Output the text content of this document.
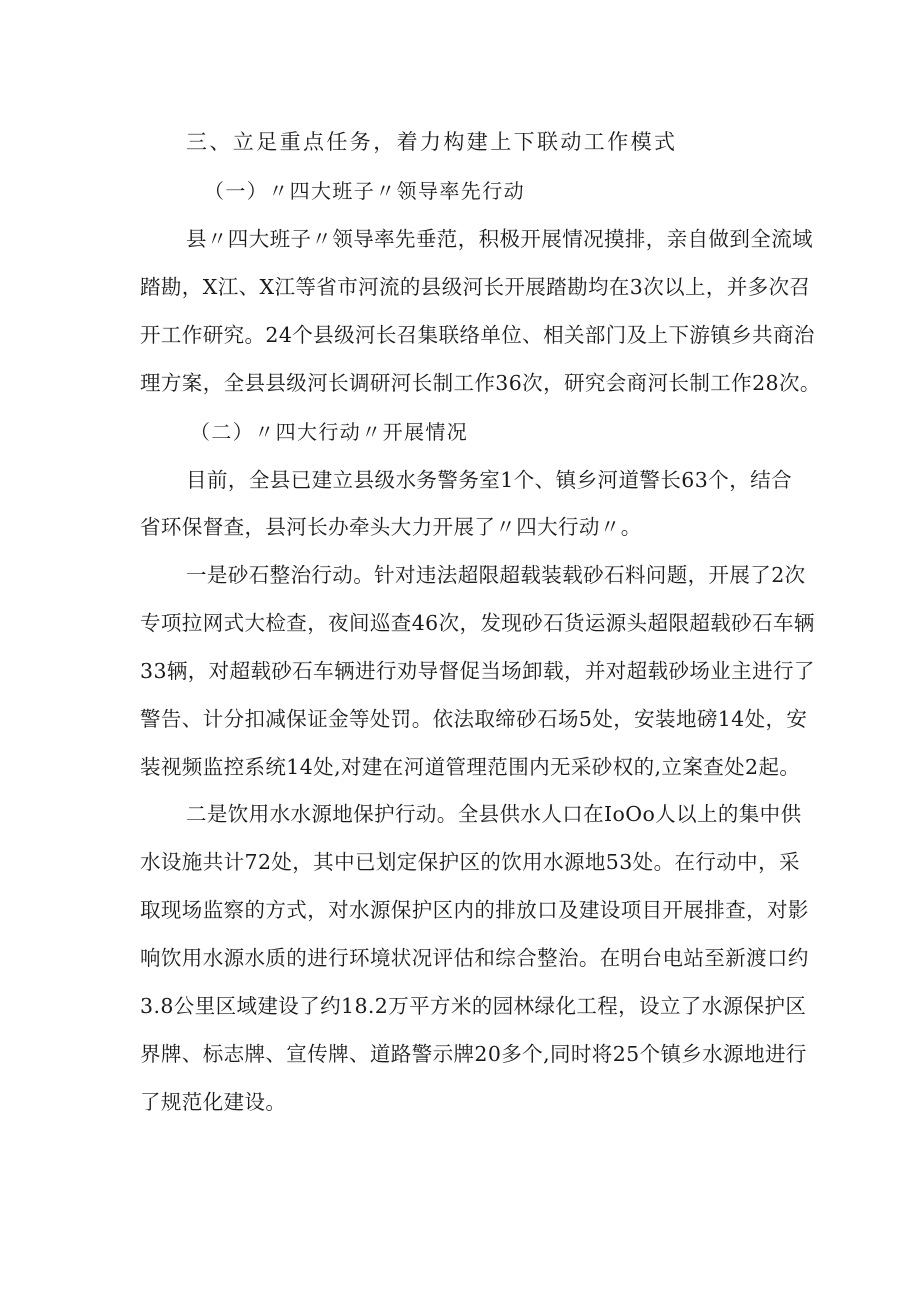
三、立足重点任务，着力构建上下联动工作模式

（一）〃四大班子〃领导率先行动

县〃四大班子〃领导率先垂范，积极开展情况摸排，亲自做到全流域

踏勘，X江、X江等省市河流的县级河长开展踏勘均在3次以上，并多次召

开工作研究。24个县级河长召集联络单位、相关部门及上下游镇乡共商治

理方案，全县县级河长调研河长制工作36次，研究会商河长制工作28次。

（二）〃四大行动〃开展情况

目前，全县已建立县级水务警务室1个、镇乡河道警长63个，结合

省环保督查，县河长办牵头大力开展了〃四大行动〃。

一是砂石整治行动。针对违法超限超载装载砂石料问题，开展了2次

专项拉网式大检查，夜间巡查46次，发现砂石货运源头超限超载砂石车辆

33辆，对超载砂石车辆进行劝导督促当场卸载，并对超载砂场业主进行了

警告、计分扣减保证金等处罚。依法取缔砂石场5处，安装地磅14处，安

装视频监控系统14处,对建在河道管理范围内无采砂权的,立案查处2起。

二是饮用水水源地保护行动。全县供水人口在IoOo人以上的集中供

水设施共计72处，其中已划定保护区的饮用水源地53处。在行动中，采

取现场监察的方式，对水源保护区内的排放口及建设项目开展排查，对影

响饮用水源水质的进行环境状况评估和综合整治。在明台电站至新渡口约

3.8公里区域建设了约18.2万平方米的园林绿化工程，设立了水源保护区

界牌、标志牌、宣传牌、道路警示牌20多个,同时将25个镇乡水源地进行

了规范化建设。
